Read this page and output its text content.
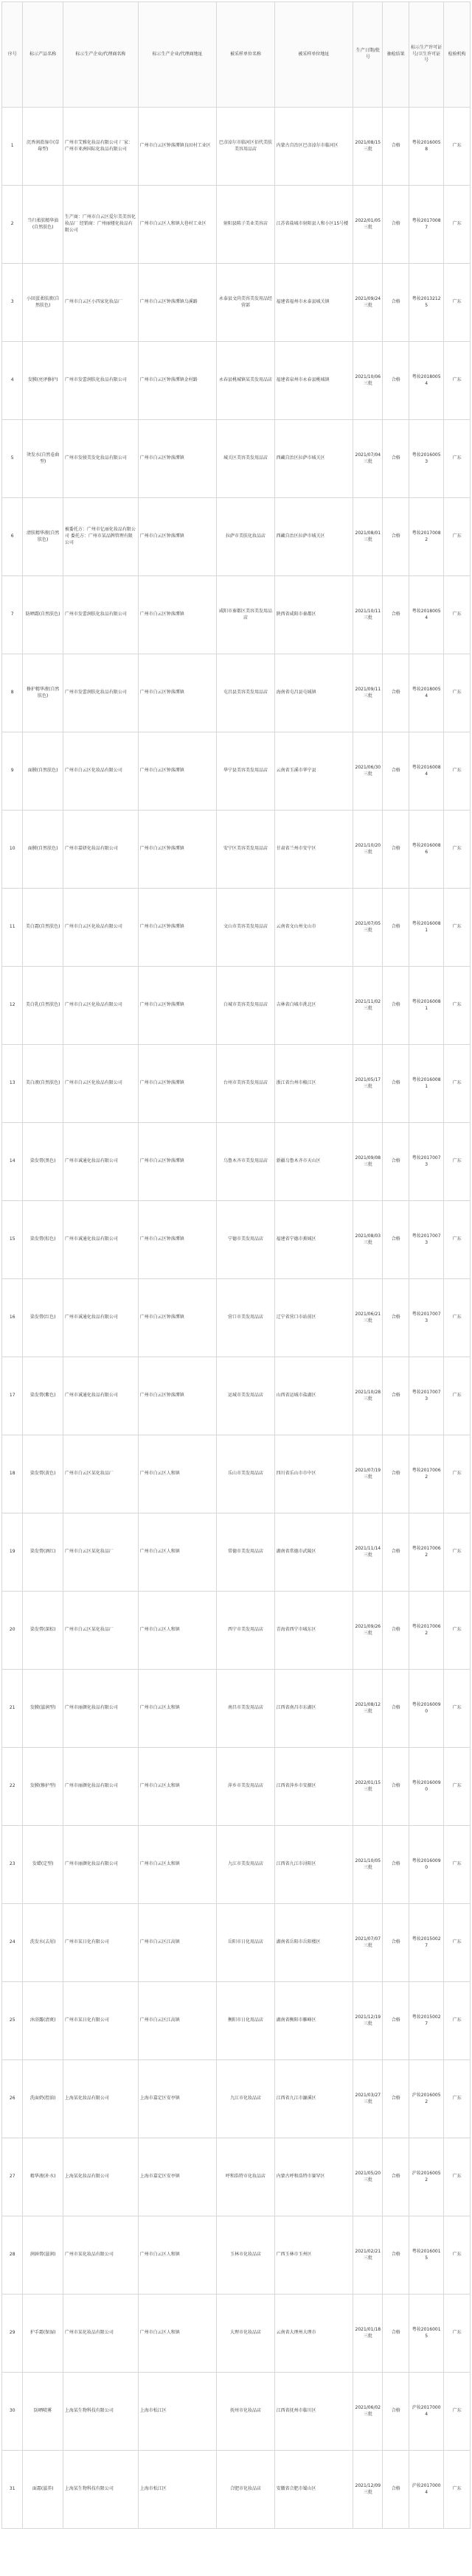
序号	标示产品名称	标示生产企业/代理商名称	标示生产企业/代理商地址	被采样单位名称	被采样单位地址	生产日期/批号	抽检结果	标示生产许可证号/卫生许可证号	检验机构
1	沉香润滑湿巾(草莓型)	广州市艾雅化妆品有限公司 厂家：广州市亚洲国际化妆品有限公司	广州市白云区钟落潭镇良田村工业区	巴彦淖尔市临河区佰代美肤美容用品店	内蒙古自治区巴彦淖尔市临河区	2021/08/15 三批	合格	粤妆20160058	广东
2	当归柔肤精华油(自然肤色)	生产商：广州市白云区爱尔美美容化妆品厂 经销商：广州丽娅化妆品有限公司	广州市白云区人和镇大巷村工业区	射阳县陈子美业美容店	江苏省盐城市射阳县人和小区15号楼	2022/01/05 三批	合格	粤妆20170087	广东
3	小回蛋柔肤液(自然肤色)	广州市白云区小四家化妆品厂	广州市白云区钟落潭镇乌溪路	永泰县文尚美容美发用品经营部	福建省福州市永泰县城关镇	2021/09/24 三批	合格	粤妆20132125	广东
4	发膜(亮泽修护)	广州市发蕾润肤化妆品有限公司	广州市白云区钟落潭镇金村路	永春县桃城镇某美发用品店	福建省泉州市永春县桃城镇	2021/10/06 三批	合格	粤妆20180054	广东
5	烫发水(自然卷曲型)	广州市发骏美发化妆品有限公司	广州市白云区钟落潭镇	城关区美容美发用品店	西藏自治区拉萨市城关区	2021/07/04 三批	合格	粤妆20160053	广东
6	清肤精华液(自然肤色)	被委托方：广州市亿丽化妆品有限公司 委托方：广州市某品牌管理有限公司	广州市白云区钟落潭镇	拉萨市美肤化妆品店	西藏自治区拉萨市城关区	2021/08/01 三批	合格	粤妆20170082	广东
7	防晒霜(自然肤色)	广州市发蕾润肤化妆品有限公司	广州市白云区钟落潭镇	咸阳市秦都区美容美发用品店	陕西省咸阳市秦都区	2021/10/11 三批	合格	粤妆20180054	广东
8	修护精华液(自然肤色)	广州市发蕾润肤化妆品有限公司	广州市白云区钟落潭镇	屯昌县美容美发用品店	海南省屯昌县屯城镇	2021/09/11 三批	合格	粤妆20180054	广东
9	面膜(自然肤色)	广州市白云区化妆品有限公司	广州市白云区钟落潭镇	华宁县美容美发用品店	云南省玉溪市华宁县	2021/06/30 三批	合格	粤妆20160084	广东
10	面膜(自然肤色)	广州市嘉妍化妆品有限公司	广州市白云区钟落潭镇	安宁区美容美发用品店	甘肃省兰州市安宁区	2021/10/20 三批	合格	粤妆20160086	广东
11	美白霜(自然肤色)	广州市白云区化妆品有限公司	广州市白云区钟落潭镇	文山市美容美发用品店	云南省文山州文山市	2021/07/05 三批	合格	粤妆20160081	广东
12	美白乳(自然肤色)	广州市白云区化妆品有限公司	广州市白云区钟落潭镇	白城市美容美发用品店	吉林省白城市洮北区	2021/11/02 三批	合格	粤妆20160081	广东
13	美白液(自然肤色)	广州市白云区化妆品有限公司	广州市白云区钟落潭镇	台州市美容美发用品店	浙江省台州市椒江区	2021/05/17 三批	合格	粤妆20160081	广东
14	染发膏(黑色)	广州市诚通化妆品有限公司	广州市白云区钟落潭镇	乌鲁木齐市美发用品店	新疆乌鲁木齐市天山区	2021/09/08 三批	合格	粤妆20170073	广东
15	染发膏(棕色)	广州市诚通化妆品有限公司	广州市白云区钟落潭镇	宁德市美发用品店	福建省宁德市蕉城区	2021/08/03 三批	合格	粤妆20170073	广东
16	染发膏(红色)	广州市诚通化妆品有限公司	广州市白云区钟落潭镇	营口市美发用品店	辽宁省营口市站前区	2021/06/21 三批	合格	粤妆20170073	广东
17	染发膏(紫色)	广州市诚通化妆品有限公司	广州市白云区钟落潭镇	运城市美发用品店	山西省运城市盐湖区	2021/10/28 三批	合格	粤妆20170073	广东
18	染发膏(黄色)	广州市白云区某化妆品厂	广州市白云区人和镇	乐山市美发用品店	四川省乐山市市中区	2021/07/19 三批	合格	粤妆20170062	广东
19	染发膏(酒红)	广州市白云区某化妆品厂	广州市白云区人和镇	常德市美发用品店	湖南省常德市武陵区	2021/11/14 三批	合格	粤妆20170062	广东
20	染发膏(深棕)	广州市白云区某化妆品厂	广州市白云区人和镇	西宁市美发用品店	青海省西宁市城东区	2021/09/26 三批	合格	粤妆20170062	广东
21	发膜(滋润型)	广州市丽颜化妆品有限公司	广州市白云区太和镇	南昌市美发用品店	江西省南昌市东湖区	2021/08/12 三批	合格	粤妆20160090	广东
22	发膜(修护型)	广州市丽颜化妆品有限公司	广州市白云区太和镇	萍乡市美发用品店	江西省萍乡市安源区	2022/01/15 三批	合格	粤妆20160090	广东
23	发蜡(定型)	广州市丽颜化妆品有限公司	广州市白云区太和镇	九江市美发用品店	江西省九江市浔阳区	2021/10/05 三批	合格	粤妆20160090	广东
24	洗发水(去屑)	广州市某日化有限公司	广州市白云区江高镇	岳阳市日化用品店	湖南省岳阳市岳阳楼区	2021/07/07 三批	合格	粤妆20150027	广东
25	沐浴露(清爽)	广州市某日化有限公司	广州市白云区江高镇	衡阳市日化用品店	湖南省衡阳市雁峰区	2021/12/19 三批	合格	粤妆20150027	广东
26	洗面奶(控油)	上海某化妆品有限公司	上海市嘉定区安亭镇	九江市化妆品店	江西省九江市濂溪区	2021/03/27 三批	合格	沪妆20160052	广东
27	精华液(补水)	上海某化妆品有限公司	上海市嘉定区安亭镇	呼和浩特市化妆品店	内蒙古呼和浩特市赛罕区	2021/05/20 三批	合格	沪妆20160052	广东
28	润唇膏(滋润)	广州市某化妆品有限公司	广州市白云区人和镇	玉林市化妆品店	广西玉林市玉州区	2021/02/21 三批	合格	粤妆20160015	广东
29	护手霜(保湿)	广州市某化妆品有限公司	广州市白云区人和镇	大理市化妆品店	云南省大理州大理市	2021/01/18 三批	合格	粤妆20160015	广东
30	防晒喷雾	上海某生物科技有限公司	上海市松江区	抚州市化妆品店	江西省抚州市临川区	2021/06/02 三批	合格	沪妆20170004	广东
31	面霜(滋养)	上海某生物科技有限公司	上海市松江区	合肥市化妆品店	安徽省合肥市蜀山区	2021/12/09 三批	合格	沪妆20170004	广东
